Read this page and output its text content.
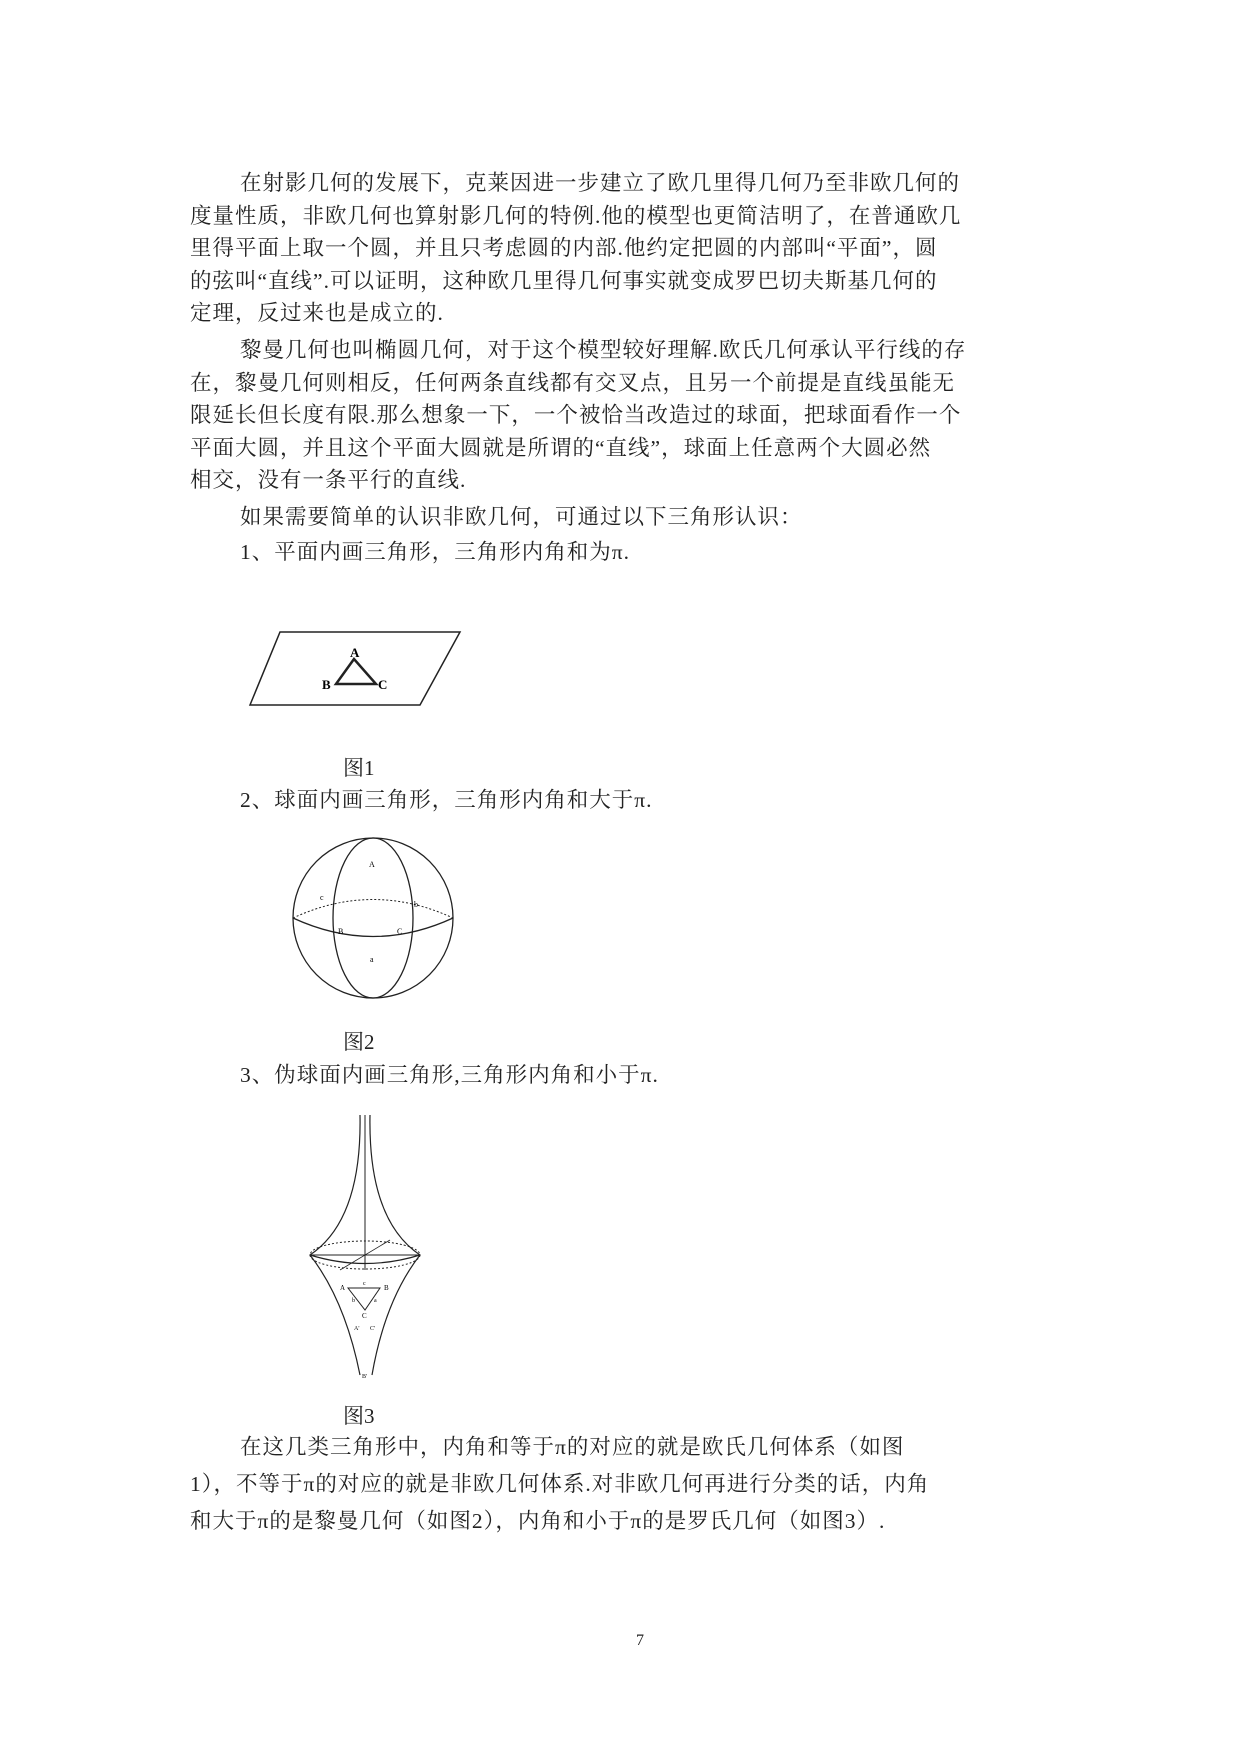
在射影几何的发展下，克莱因进一步建立了欧几里得几何乃至非欧几何的
度量性质，非欧几何也算射影几何的特例.他的模型也更简洁明了，在普通欧几
里得平面上取一个圆，并且只考虑圆的内部.他约定把圆的内部叫“平面”，圆
的弦叫“直线”.可以证明，这种欧几里得几何事实就变成罗巴切夫斯基几何的
定理，反过来也是成立的.
黎曼几何也叫椭圆几何，对于这个模型较好理解.欧氏几何承认平行线的存
在，黎曼几何则相反，任何两条直线都有交叉点，且另一个前提是直线虽能无
限延长但长度有限.那么想象一下，一个被恰当改造过的球面，把球面看作一个
平面大圆，并且这个平面大圆就是所谓的“直线”，球面上任意两个大圆必然
相交，没有一条平行的直线.
如果需要简单的认识非欧几何，可通过以下三角形认识：
1、平面内画三角形，三角形内角和为π.
A
B	C
图1
2、球面内画三角形，三角形内角和大于π.
A
B	C
c
b
a
图2
3、伪球面内画三角形,三角形内角和小于π.
A	B
C
c
b	a
A' C'
B'
图3
在这几类三角形中，内角和等于π的对应的就是欧氏几何体系（如图
1），不等于π的对应的就是非欧几何体系.对非欧几何再进行分类的话，内角
和大于π的是黎曼几何（如图2），内角和小于π的是罗氏几何（如图3）.
7
